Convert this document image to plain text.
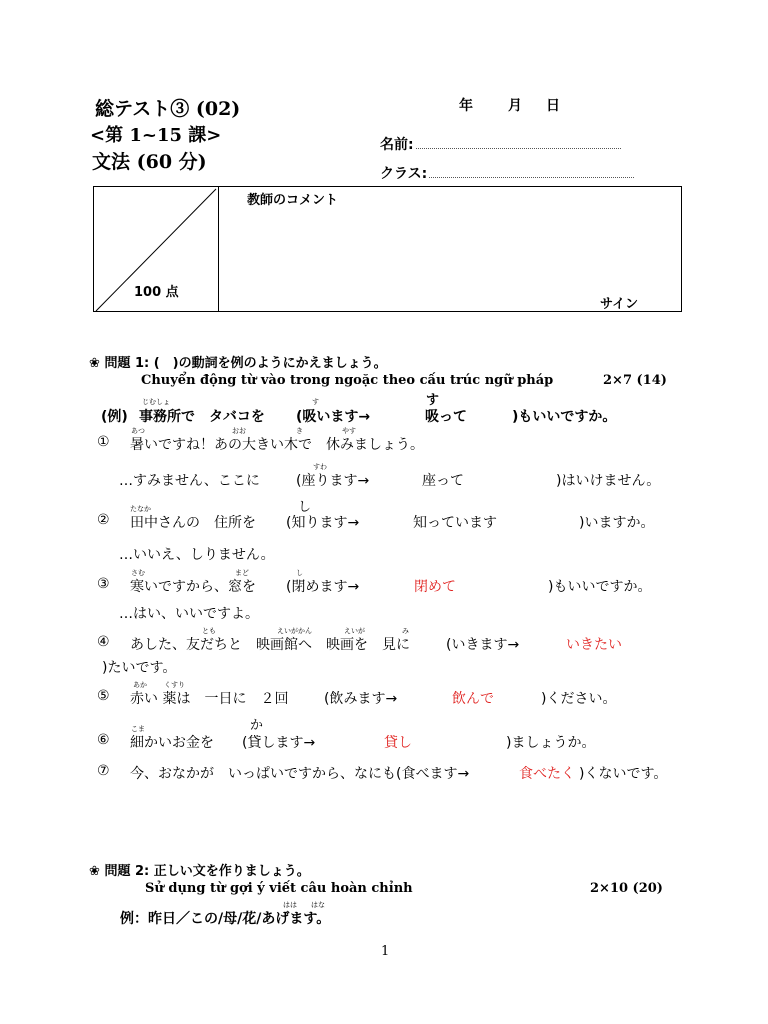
総テスト③ (02)
<第 1~15 課>
文法 (60 分)
年	月 日
名前:
クラス:
100 点
教師のコメント
サイン
❀ 問題 1: (　)の動詞を例のようにかえましょう。
Chuyển động từ vào trong ngoặc theo cấu trúc ngữ pháp	2×7 (14)
す
じむしょ	す
(例) 事務所で　タバコを (吸います→	吸って	)もいいですか。
あつ	おお	き	やす
① 暑いですね！あの大きい木で　休みましょう。
すわ
…すみません、ここに	(座ります→	座って	)はいけません。
し
たなか
② 田中さんの　住所を (知ります→	知っています	)いますか。
…いいえ、しりません。
さむ	まど	し
③ 寒いですから、窓を (閉めます→	閉めて	)もいいですか。
…はい、いいですよ。
とも	えいがかん	えいが	み
④ あした、友だちと　映画館へ　映画を　見に	(いきます→	いきたい
)たいです。
あか くすり
⑤ 赤い 薬は　一日に　２回	(飲みます→	飲んで	)ください。
か
こま
⑥ 細かいお金を (貸します→	貸し	)ましょうか。
⑦ 今、おなかが　いっぱいですから、なにも(食べます→	食べたく )くないです。
❀ 問題 2: 正しい文を作りましょう。
Sử dụng từ gợi ý viết câu hoàn chỉnh	2×10 (20)
はは はな
例：昨日／この/母/花/あげます。
1
